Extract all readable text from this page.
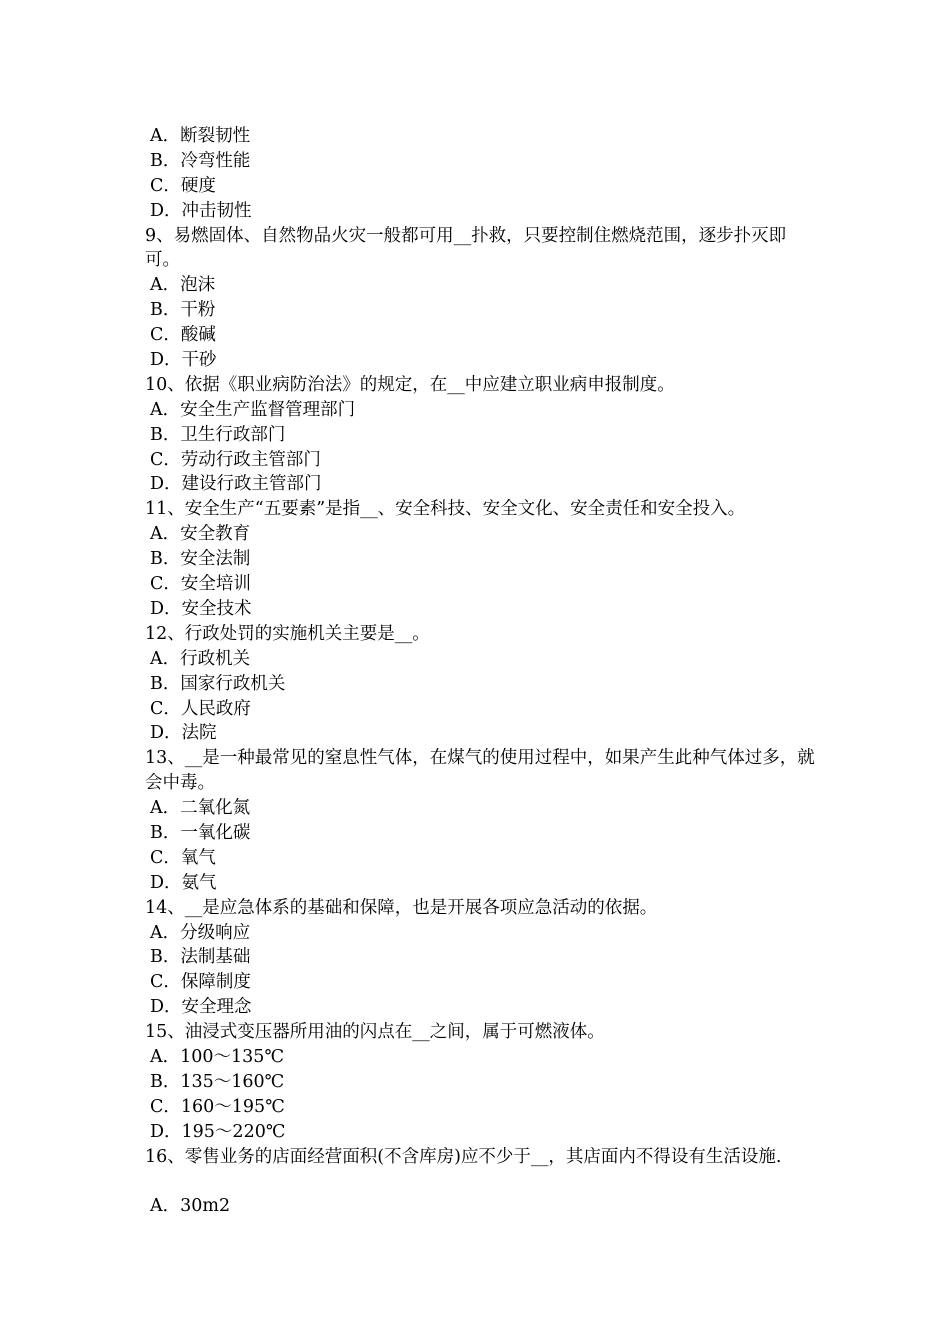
A．断裂韧性
B．冷弯性能
C．硬度
D．冲击韧性
9、易燃固体、自然物品火灾一般都可用__扑救，只要控制住燃烧范围，逐步扑灭即可。
A．泡沫
B．干粉
C．酸碱
D．干砂
10、依据《职业病防治法》的规定，在__中应建立职业病申报制度。
A．安全生产监督管理部门
B．卫生行政部门
C．劳动行政主管部门
D．建设行政主管部门
11、安全生产“五要素”是指__、安全科技、安全文化、安全责任和安全投入。
A．安全教育
B．安全法制
C．安全培训
D．安全技术
12、行政处罚的实施机关主要是__。
A．行政机关
B．国家行政机关
C．人民政府
D．法院
13、__是一种最常见的窒息性气体，在煤气的使用过程中，如果产生此种气体过多，就会中毒。
A．二氧化氮
B．一氧化碳
C．氧气
D．氨气
14、__是应急体系的基础和保障，也是开展各项应急活动的依据。
A．分级响应
B．法制基础
C．保障制度
D．安全理念
15、油浸式变压器所用油的闪点在__之间，属于可燃液体。
A．100～135℃
B．135～160℃
C．160～195℃
D．195～220℃
16、零售业务的店面经营面积(不含库房)应不少于__，其店面内不得设有生活设施.
A．30m2
